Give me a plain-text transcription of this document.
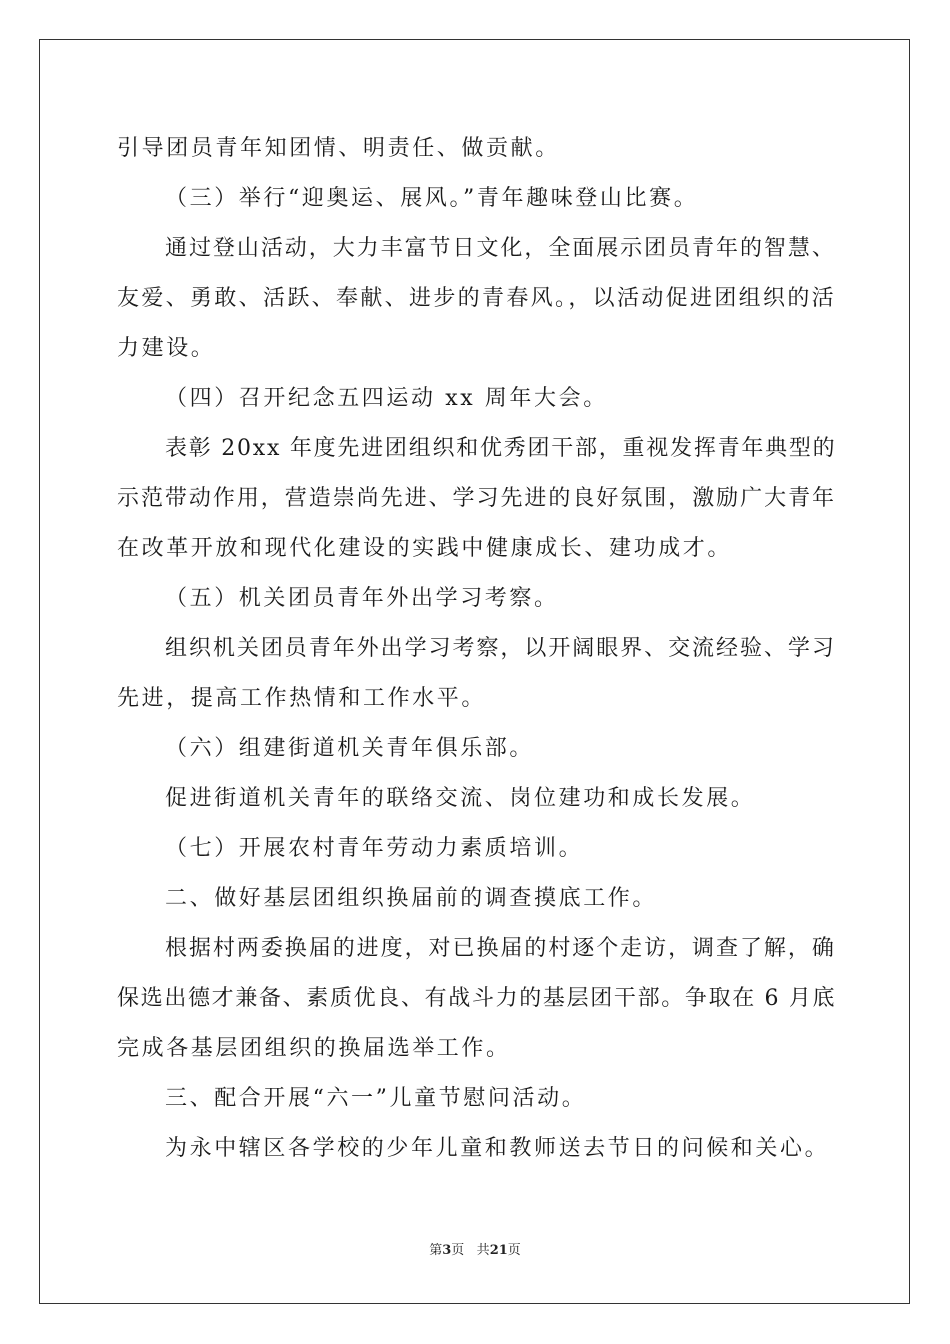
引导团员青年知团情、明责任、做贡献。
（三）举行“迎奥运、展风。”青年趣味登山比赛。
通过登山活动，大力丰富节日文化，全面展示团员青年的智慧、
友爱、勇敢、活跃、奉献、进步的青春风。，以活动促进团组织的活
力建设。
（四）召开纪念五四运动 xx 周年大会。
表彰 20xx 年度先进团组织和优秀团干部，重视发挥青年典型的
示范带动作用，营造崇尚先进、学习先进的良好氛围，激励广大青年
在改革开放和现代化建设的实践中健康成长、建功成才。
（五）机关团员青年外出学习考察。
组织机关团员青年外出学习考察，以开阔眼界、交流经验、学习
先进，提高工作热情和工作水平。
（六）组建街道机关青年俱乐部。
促进街道机关青年的联络交流、岗位建功和成长发展。
（七）开展农村青年劳动力素质培训。
二、做好基层团组织换届前的调查摸底工作。
根据村两委换届的进度，对已换届的村逐个走访，调查了解，确
保选出德才兼备、素质优良、有战斗力的基层团干部。争取在 6 月底
完成各基层团组织的换届选举工作。
三、配合开展“六一”儿童节慰问活动。
为永中辖区各学校的少年儿童和教师送去节日的问候和关心。
第3页 共21页
